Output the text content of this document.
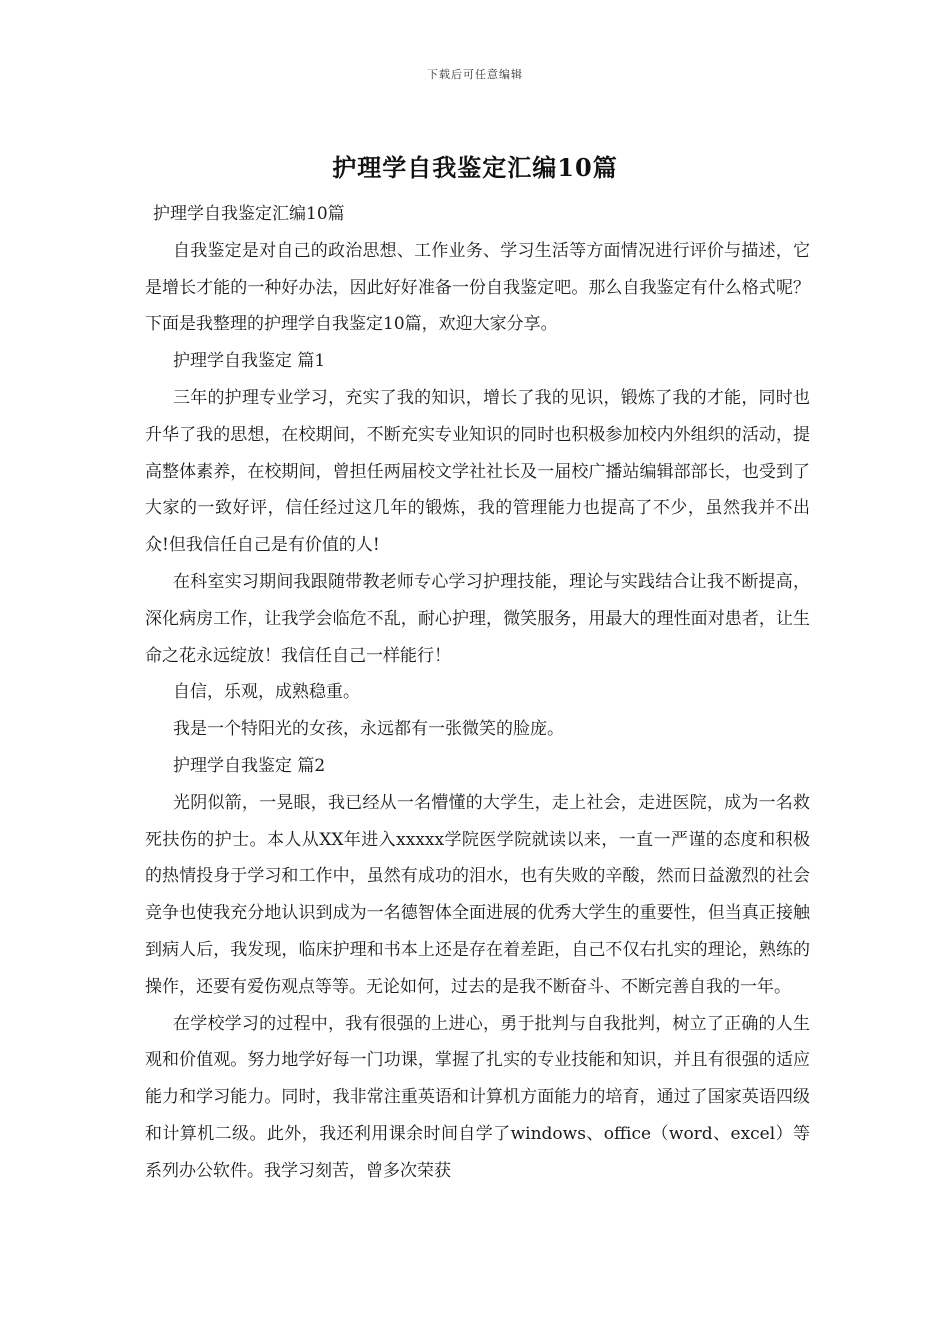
下载后可任意编辑
护理学自我鉴定汇编10篇

护理学自我鉴定汇编10篇

自我鉴定是对自己的政治思想、工作业务、学习生活等方面情况进行评价与描述，它是增长才能的一种好办法，因此好好准备一份自我鉴定吧。那么自我鉴定有什么格式呢？下面是我整理的护理学自我鉴定10篇，欢迎大家分享。

护理学自我鉴定 篇1

三年的护理专业学习，充实了我的知识，增长了我的见识，锻炼了我的才能，同时也升华了我的思想，在校期间，不断充实专业知识的同时也积极参加校内外组织的活动，提高整体素养，在校期间，曾担任两届校文学社社长及一届校广播站编辑部部长，也受到了大家的一致好评，信任经过这几年的锻炼，我的管理能力也提高了不少，虽然我并不出众!但我信任自己是有价值的人!

在科室实习期间我跟随带教老师专心学习护理技能，理论与实践结合让我不断提高，深化病房工作，让我学会临危不乱，耐心护理，微笑服务，用最大的理性面对患者，让生命之花永远绽放！我信任自己一样能行！

自信，乐观，成熟稳重。

我是一个特阳光的女孩，永远都有一张微笑的脸庞。

护理学自我鉴定 篇2

光阴似箭，一晃眼，我已经从一名懵懂的大学生，走上社会，走进医院，成为一名救死扶伤的护士。本人从XX年进入xxxxx学院医学院就读以来，一直一严谨的态度和积极的热情投身于学习和工作中，虽然有成功的泪水，也有失败的辛酸，然而日益激烈的社会竞争也使我充分地认识到成为一名德智体全面进展的优秀大学生的重要性，但当真正接触到病人后，我发现，临床护理和书本上还是存在着差距，自己不仅右扎实的理论，熟练的操作，还要有爱伤观点等等。无论如何，过去的是我不断奋斗、不断完善自我的一年。

在学校学习的过程中，我有很强的上进心，勇于批判与自我批判，树立了正确的人生观和价值观。努力地学好每一门功课，掌握了扎实的专业技能和知识，并且有很强的适应能力和学习能力。同时，我非常注重英语和计算机方面能力的培育，通过了国家英语四级和计算机二级。此外，我还利用课余时间自学了windows、office（word、excel）等系列办公软件。我学习刻苦，曾多次荣获
